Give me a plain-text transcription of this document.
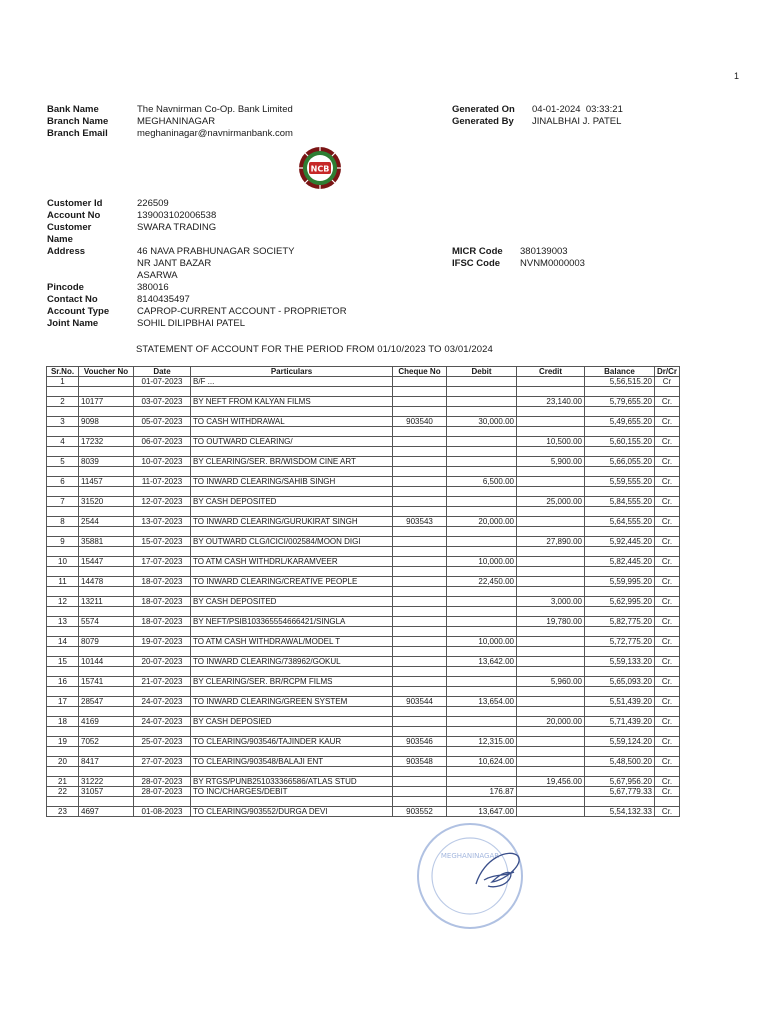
1
Bank Name	The Navnirman Co-Op. Bank Limited
Branch Name	MEGHANINAGAR
Branch Email	meghaninagar@navnirmanbank.com
Generated On 04-01-2024  03:33:21
Generated By JINALBHAI J. PATEL
NCB
Customer Id	226509
Account No	139003102006538
Customer
Name
SWARA TRADING
Address	46 NAVA PRABHUNAGAR SOCIETY
NR JANT BAZAR
ASARWA
Pincode	380016
Contact No	8140435497
Account Type	CAPROP-CURRENT ACCOUNT - PROPRIETOR
Joint Name	SOHIL DILIPBHAI PATEL
MICR Code 380139003
IFSC Code NVNM0000003
STATEMENT OF ACCOUNT FOR THE PERIOD FROM 01/10/2023 TO 03/01/2024
Sr.No.	Voucher No	Date	Particulars	Cheque No	Debit	Credit	Balance	Dr/Cr
1		01-07-2023	B/F ...				5,56,515.20	Cr

2	10177	03-07-2023	BY NEFT FROM KALYAN FILMS			23,140.00	5,79,655.20	Cr.

3	9098	05-07-2023	TO CASH WITHDRAWAL	903540	30,000.00		5,49,655.20	Cr.

4	17232	06-07-2023	TO OUTWARD CLEARING/			10,500.00	5,60,155.20	Cr.

5	8039	10-07-2023	BY CLEARING/SER. BR/WISDOM CINE ART			5,900.00	5,66,055.20	Cr.

6	11457	11-07-2023	TO INWARD CLEARING/SAHIB SINGH		6,500.00		5,59,555.20	Cr.

7	31520	12-07-2023	BY CASH DEPOSITED			25,000.00	5,84,555.20	Cr.

8	2544	13-07-2023	TO INWARD CLEARING/GURUKIRAT SINGH	903543	20,000.00		5,64,555.20	Cr.

9	35881	15-07-2023	BY OUTWARD CLG/ICICI/002584/MOON DIGI			27,890.00	5,92,445.20	Cr.

10	15447	17-07-2023	TO ATM CASH WITHDRL/KARAMVEER		10,000.00		5,82,445.20	Cr.

11	14478	18-07-2023	TO INWARD CLEARING/CREATIVE PEOPLE		22,450.00		5,59,995.20	Cr.

12	13211	18-07-2023	BY CASH DEPOSITED			3,000.00	5,62,995.20	Cr.

13	5574	18-07-2023	BY NEFT/PSIB103365554666421/SINGLA			19,780.00	5,82,775.20	Cr.

14	8079	19-07-2023	TO ATM CASH WITHDRAWAL/MODEL T		10,000.00		5,72,775.20	Cr.

15	10144	20-07-2023	TO INWARD CLEARING/738962/GOKUL		13,642.00		5,59,133.20	Cr.

16	15741	21-07-2023	BY CLEARING/SER. BR/RCPM FILMS			5,960.00	5,65,093.20	Cr.

17	28547	24-07-2023	TO INWARD CLEARING/GREEN SYSTEM	903544	13,654.00		5,51,439.20	Cr.

18	4169	24-07-2023	BY CASH DEPOSIED			20,000.00	5,71,439.20	Cr.

19	7052	25-07-2023	TO CLEARING/903546/TAJINDER KAUR	903546	12,315.00		5,59,124.20	Cr.

20	8417	27-07-2023	TO CLEARING/903548/BALAJI ENT	903548	10,624.00		5,48,500.20	Cr.

21	31222	28-07-2023	BY RTGS/PUNB251033366586/ATLAS STUD			19,456.00	5,67,956.20	Cr.
22	31057	28-07-2023	TO INC/CHARGES/DEBIT		176.87		5,67,779.33	Cr.

23	4697	01-08-2023	TO CLEARING/903552/DURGA DEVI	903552	13,647.00		5,54,132.33	Cr.
MEGHANINAGAR
